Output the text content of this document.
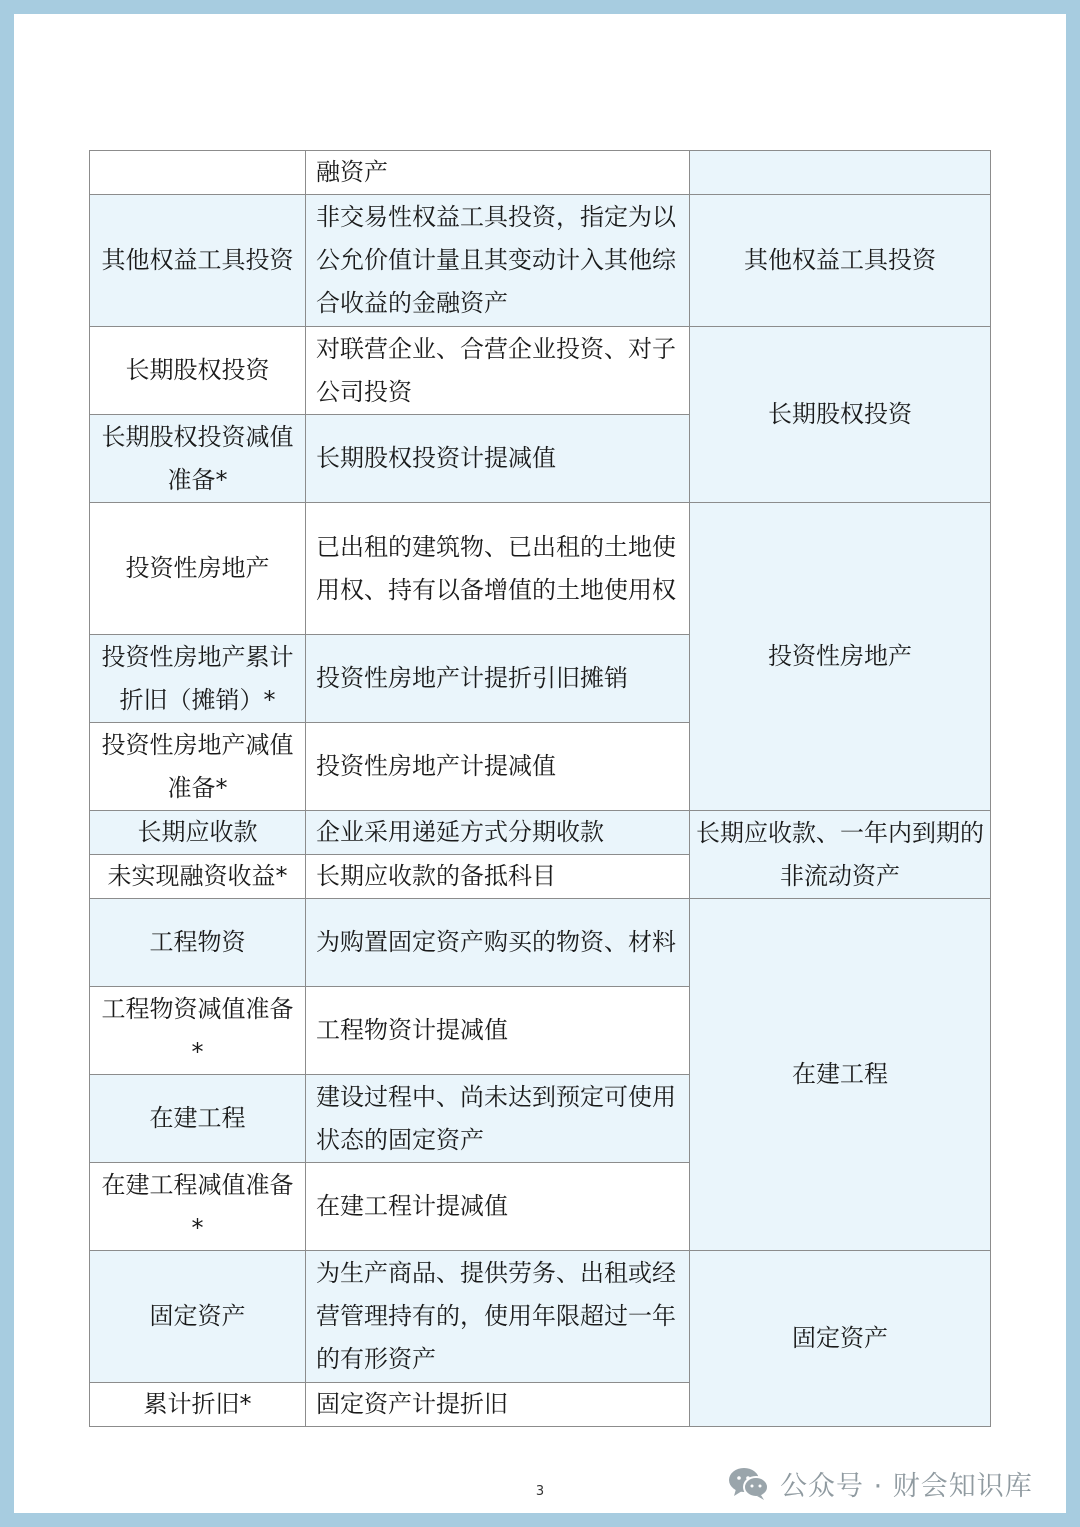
	融资产	
其他权益工具投资	非交易性权益工具投资，指定为以公允价值计量且其变动计入其他综合收益的金融资产	其他权益工具投资
长期股权投资	对联营企业、合营企业投资、对子公司投资	长期股权投资
长期股权投资减值准备*	长期股权投资计提减值	
投资性房地产	已出租的建筑物、已出租的土地使用权、持有以备增值的土地使用权	投资性房地产
投资性房地产累计折旧（摊销）*	投资性房地产计提折引旧摊销	
投资性房地产减值准备*	投资性房地产计提减值	
长期应收款	企业采用递延方式分期收款	长期应收款、一年内到期的非流动资产
未实现融资收益*	长期应收款的备抵科目	
工程物资	为购置固定资产购买的物资、材料	在建工程
工程物资减值准备*	工程物资计提减值	
在建工程	建设过程中、尚未达到预定可使用状态的固定资产	
在建工程减值准备*	在建工程计提减值	
固定资产	为生产商品、提供劳务、出租或经营管理持有的，使用年限超过一年的有形资产	固定资产
累计折旧*	固定资产计提折旧	
3	公众号 · 财会知识库
